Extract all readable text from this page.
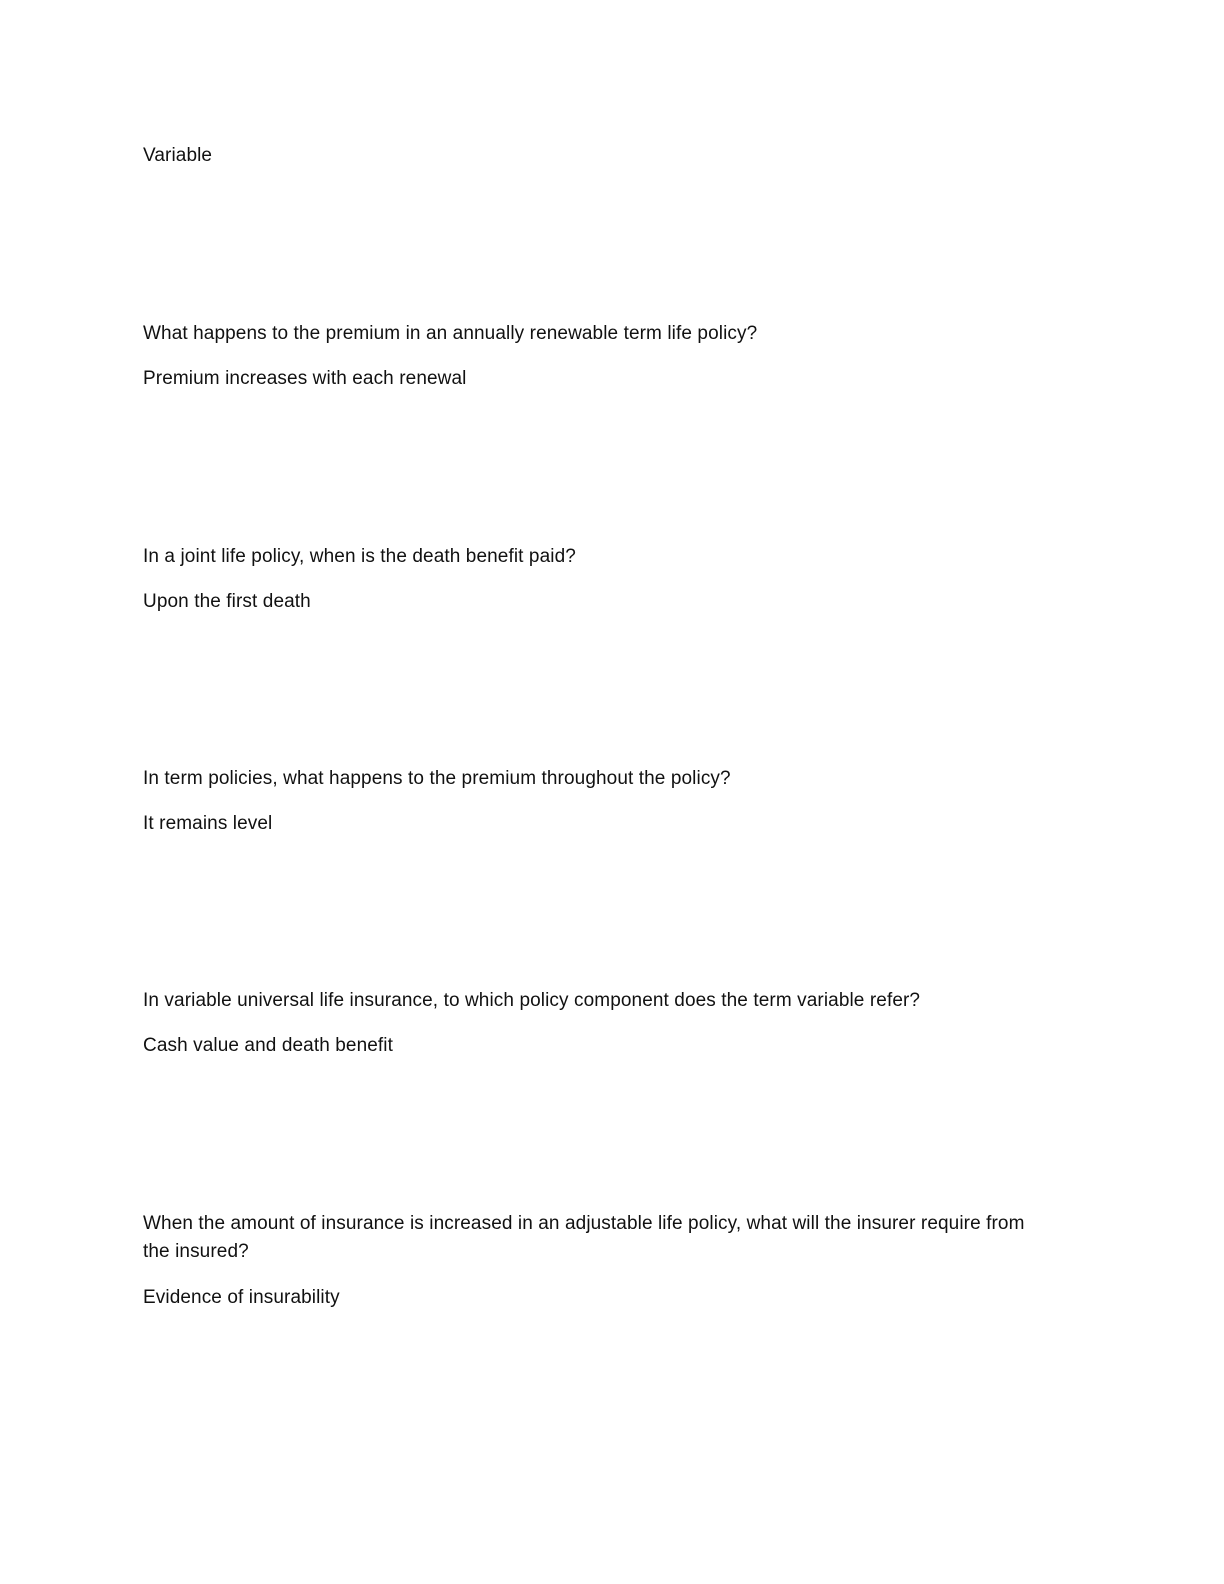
Variable
What happens to the premium in an annually renewable term life policy?
Premium increases with each renewal
In a joint life policy, when is the death benefit paid?
Upon the first death
In term policies, what happens to the premium throughout the policy?
It remains level
In variable universal life insurance, to which policy component does the term variable refer?
Cash value and death benefit
When the amount of insurance is increased in an adjustable life policy, what will the insurer require from the insured?
Evidence of insurability
